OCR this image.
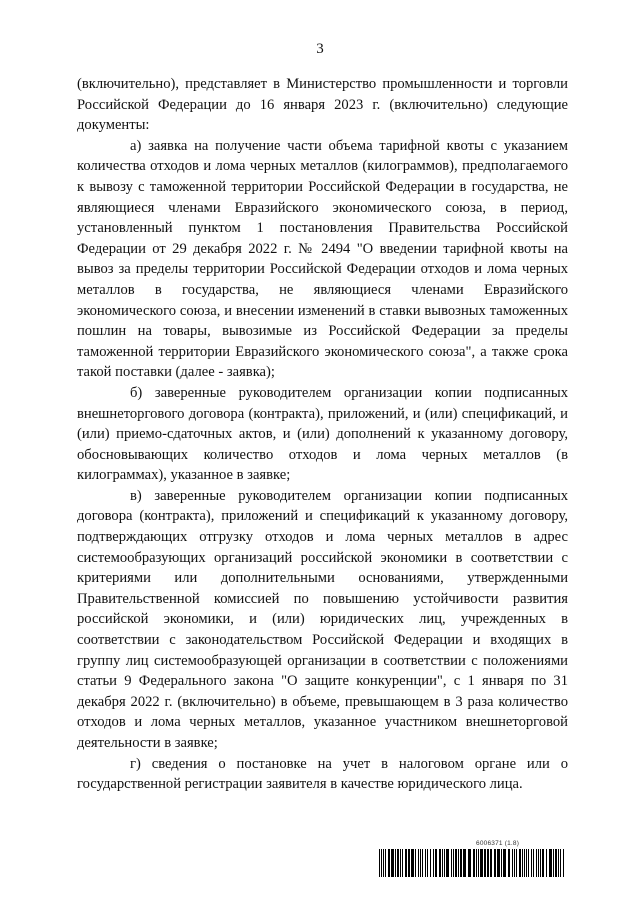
3

(включительно), представляет в Министерство промышленности и торговли Российской Федерации до 16 января 2023 г. (включительно) следующие документы:

а) заявка на получение части объема тарифной квоты с указанием количества отходов и лома черных металлов (килограммов), предполагаемого к вывозу с таможенной территории Российской Федерации в государства, не являющиеся членами Евразийского экономического союза, в период, установленный пунктом 1 постановления Правительства Российской Федерации от 29 декабря 2022 г. № 2494 "О введении тарифной квоты на вывоз за пределы территории Российской Федерации отходов и лома черных металлов в государства, не являющиеся членами Евразийского экономического союза, и внесении изменений в ставки вывозных таможенных пошлин на товары, вывозимые из Российской Федерации за пределы таможенной территории Евразийского экономического союза", а также срока такой поставки (далее - заявка);

б) заверенные руководителем организации копии подписанных внешнеторгового договора (контракта), приложений, и (или) спецификаций, и (или) приемо-сдаточных актов, и (или) дополнений к указанному договору, обосновывающих количество отходов и лома черных металлов (в килограммах), указанное в заявке;

в) заверенные руководителем организации копии подписанных договора (контракта), приложений и спецификаций к указанному договору, подтверждающих отгрузку отходов и лома черных металлов в адрес системообразующих организаций российской экономики в соответствии с критериями или дополнительными основаниями, утвержденными Правительственной комиссией по повышению устойчивости развития российской экономики, и (или) юридических лиц, учрежденных в соответствии с законодательством Российской Федерации и входящих в группу лиц системообразующей организации в соответствии с положениями статьи 9 Федерального закона "О защите конкуренции", с 1 января по 31 декабря 2022 г. (включительно) в объеме, превышающем в 3 раза количество отходов и лома черных металлов, указанное участником внешнеторговой деятельности в заявке;

г) сведения о постановке на учет в налоговом органе или о государственной регистрации заявителя в качестве юридического лица.

6006371 (1.8)
